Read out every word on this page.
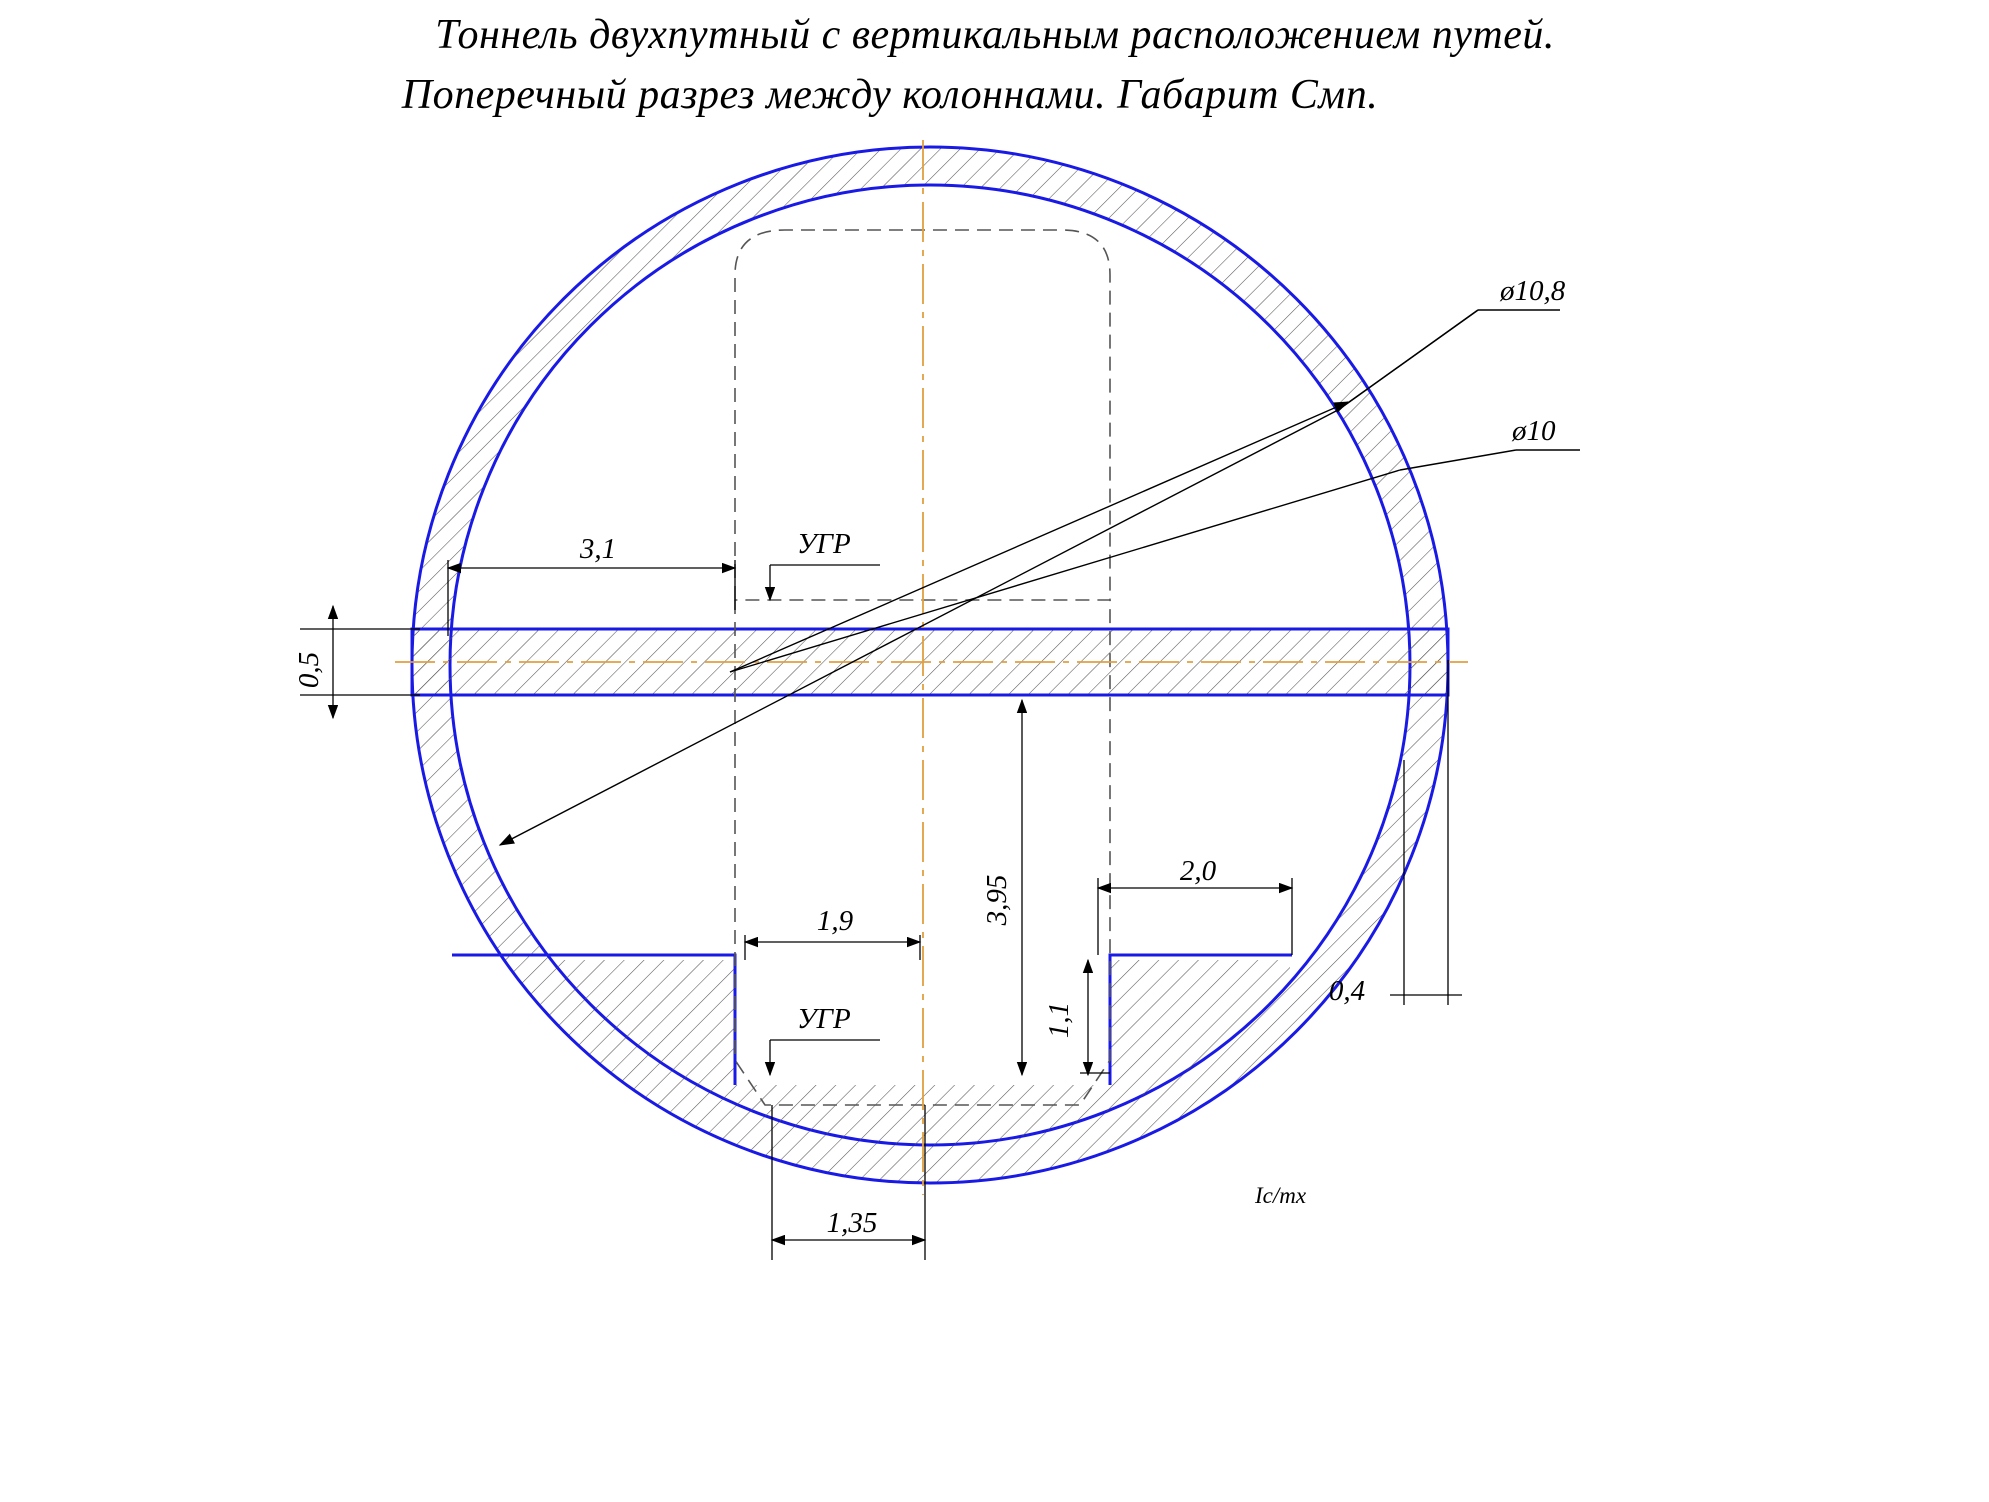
ø10,8
ø10
3,1
0,5
3,95
1,9
2,0
1,1
0,4
1,35
УГР
УГР
Iс/mx
